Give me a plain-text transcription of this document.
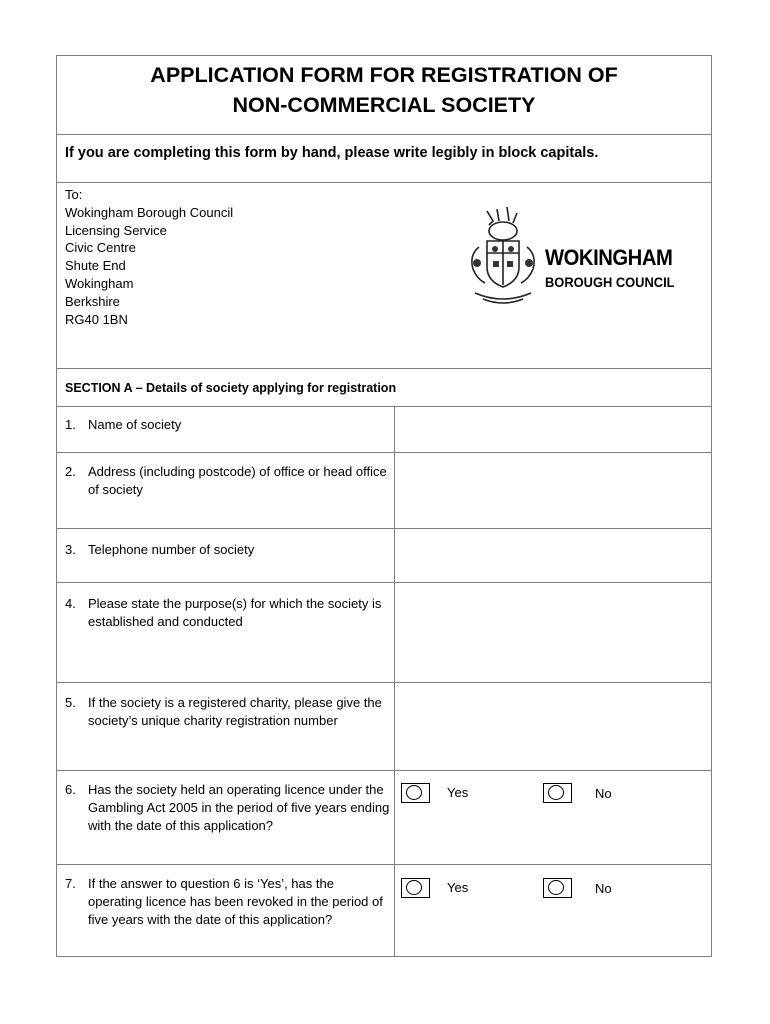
APPLICATION FORM FOR REGISTRATION OF
NON-COMMERCIAL SOCIETY
If you are completing this form by hand, please write legibly in block capitals.
To:
Wokingham Borough Council
Licensing Service
Civic Centre
Shute End
Wokingham
Berkshire
RG40 1BN
WOKINGHAM
BOROUGH COUNCIL
SECTION A – Details of society applying for registration
1. Name of society
2. Address (including postcode) of office or head office of society
3. Telephone number of society
4. Please state the purpose(s) for which the society is established and conducted
5. If the society is a registered charity, please give the society’s unique charity registration number
6. Has the society held an operating licence under the Gambling Act 2005 in the period of five years ending with the date of this application?
Yes	No
7. If the answer to question 6 is ‘Yes’, has the operating licence has been revoked in the period of five years with the date of this application?
Yes	No
